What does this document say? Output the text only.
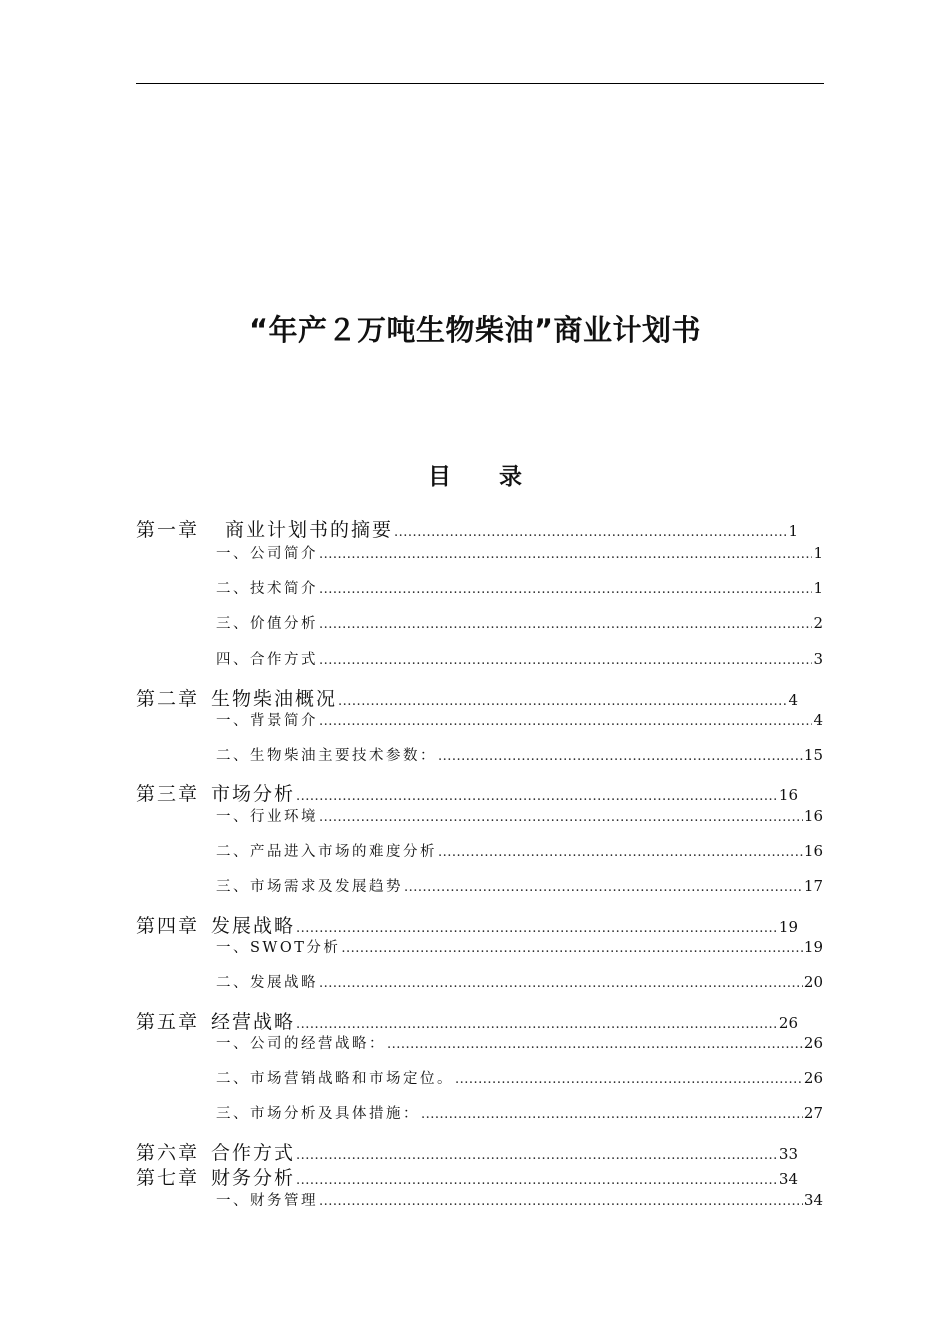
“年产２万吨生物柴油”商业计划书
目 录
第一章 商业计划书的摘要 .....	1
一、公司简介 .....	1
二、技术简介 .....	1
三、价值分析 .....	2
四、合作方式 .....	3
第二章 生物柴油概况 .....	4
一、背景简介 .....	4
二、生物柴油主要技术参数： .....	15
第三章 市场分析 .....	16
一、行业环境 .....	16
二、产品进入市场的难度分析 .....	16
三、市场需求及发展趋势 .....	17
第四章 发展战略 .....	19
一、SWOT分析 .....	19
二、发展战略 .....	20
第五章 经营战略 .....	26
一、公司的经营战略： .....	26
二、市场营销战略和市场定位。 .....	26
三、市场分析及具体措施： .....	27
第六章 合作方式 .....	33
第七章 财务分析 .....	34
一、财务管理 .....	34
